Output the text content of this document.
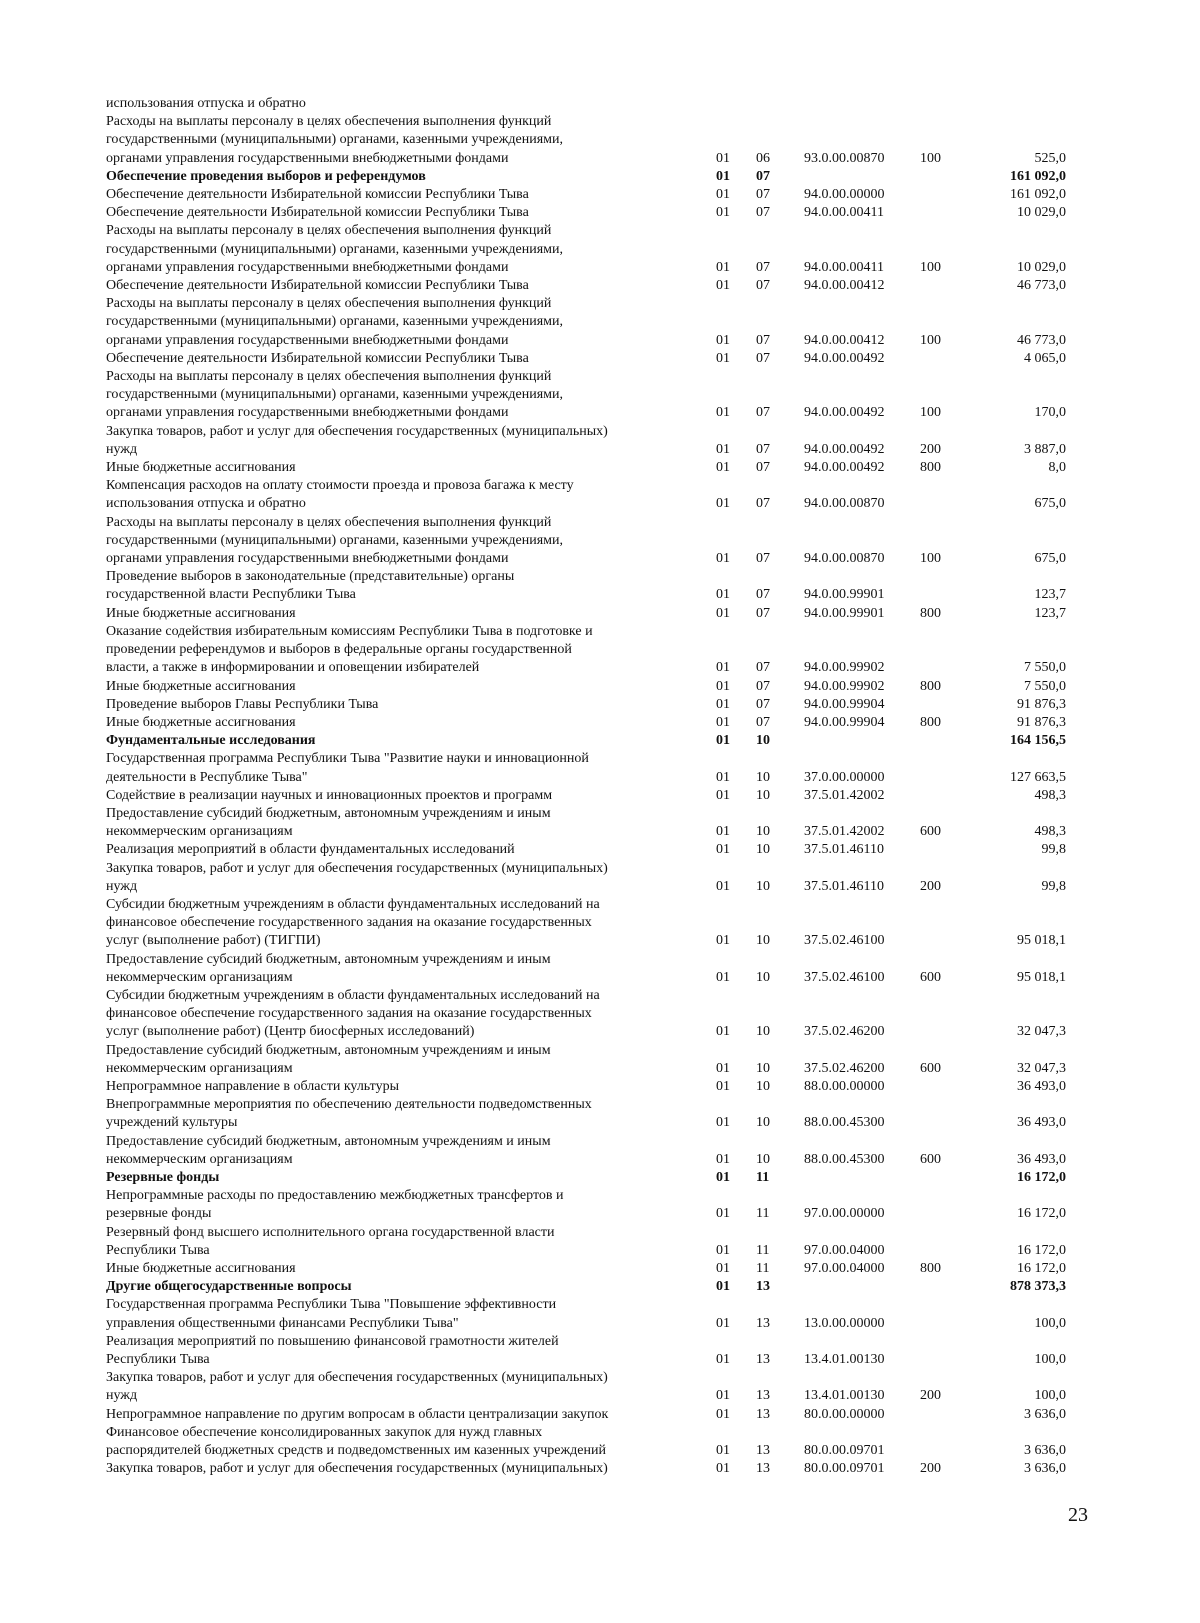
использования отпуска и обратно
Расходы на выплаты персоналу в целях обеспечения выполнения функций
государственными (муниципальными) органами, казенными учреждениями,
органами управления государственными внебюджетными фондами	01 06 93.0.00.00870	100	525,0
Обеспечение проведения выборов и референдумов	01 07	161 092,0
Обеспечение деятельности Избирательной комиссии Республики Тыва	01 07 94.0.00.00000	161 092,0
Обеспечение деятельности Избирательной комиссии Республики Тыва	01 07 94.0.00.00411	10 029,0
Расходы на выплаты персоналу в целях обеспечения выполнения функций
государственными (муниципальными) органами, казенными учреждениями,
органами управления государственными внебюджетными фондами	01 07 94.0.00.00411	100	10 029,0
Обеспечение деятельности Избирательной комиссии Республики Тыва	01 07 94.0.00.00412	46 773,0
Расходы на выплаты персоналу в целях обеспечения выполнения функций
государственными (муниципальными) органами, казенными учреждениями,
органами управления государственными внебюджетными фондами	01 07 94.0.00.00412	100	46 773,0
Обеспечение деятельности Избирательной комиссии Республики Тыва	01 07 94.0.00.00492	4 065,0
Расходы на выплаты персоналу в целях обеспечения выполнения функций
государственными (муниципальными) органами, казенными учреждениями,
органами управления государственными внебюджетными фондами	01 07 94.0.00.00492	100	170,0
Закупка товаров, работ и услуг для обеспечения государственных (муниципальных)
нужд	01 07 94.0.00.00492	200	3 887,0
Иные бюджетные ассигнования	01 07 94.0.00.00492	800	8,0
Компенсация расходов на оплату стоимости проезда и провоза багажа к месту
использования отпуска и обратно	01 07 94.0.00.00870	675,0
Расходы на выплаты персоналу в целях обеспечения выполнения функций
государственными (муниципальными) органами, казенными учреждениями,
органами управления государственными внебюджетными фондами	01 07 94.0.00.00870	100	675,0
Проведение выборов в законодательные (представительные) органы
государственной власти Республики Тыва	01 07 94.0.00.99901	123,7
Иные бюджетные ассигнования	01 07 94.0.00.99901	800	123,7
Оказание содействия избирательным комиссиям Республики Тыва в подготовке и
проведении референдумов и выборов в федеральные органы государственной
власти, а также в информировании и оповещении избирателей	01 07 94.0.00.99902	7 550,0
Иные бюджетные ассигнования	01 07 94.0.00.99902	800	7 550,0
Проведение выборов Главы Республики Тыва	01 07 94.0.00.99904	91 876,3
Иные бюджетные ассигнования	01 07 94.0.00.99904	800	91 876,3
Фундаментальные исследования	01 10	164 156,5
Государственная программа Республики Тыва "Развитие науки и инновационной
деятельности в Республике Тыва"	01 10 37.0.00.00000	127 663,5
Содействие в реализации научных и инновационных проектов и программ	01 10 37.5.01.42002	498,3
Предоставление субсидий бюджетным, автономным учреждениям и иным
некоммерческим организациям	01 10 37.5.01.42002	600	498,3
Реализация мероприятий в области фундаментальных исследований	01 10 37.5.01.46110	99,8
Закупка товаров, работ и услуг для обеспечения государственных (муниципальных)
нужд	01 10 37.5.01.46110	200	99,8
Субсидии бюджетным учреждениям в области фундаментальных исследований на
финансовое обеспечение государственного задания на оказание государственных
услуг (выполнение работ) (ТИГПИ)	01 10 37.5.02.46100	95 018,1
Предоставление субсидий бюджетным, автономным учреждениям и иным
некоммерческим организациям	01 10 37.5.02.46100	600	95 018,1
Субсидии бюджетным учреждениям в области фундаментальных исследований на
финансовое обеспечение государственного задания на оказание государственных
услуг (выполнение работ) (Центр биосферных исследований)	01 10 37.5.02.46200	32 047,3
Предоставление субсидий бюджетным, автономным учреждениям и иным
некоммерческим организациям	01 10 37.5.02.46200	600	32 047,3
Непрограммное направление в области культуры	01 10 88.0.00.00000	36 493,0
Внепрограммные мероприятия по обеспечению деятельности подведомственных
учреждений культуры	01 10 88.0.00.45300	36 493,0
Предоставление субсидий бюджетным, автономным учреждениям и иным
некоммерческим организациям	01 10 88.0.00.45300	600	36 493,0
Резервные фонды	01 11	16 172,0
Непрограммные расходы по предоставлению межбюджетных трансфертов и
резервные фонды	01 11 97.0.00.00000	16 172,0
Резервный фонд высшего исполнительного органа государственной власти
Республики Тыва	01 11 97.0.00.04000	16 172,0
Иные бюджетные ассигнования	01 11 97.0.00.04000	800	16 172,0
Другие общегосударственные вопросы	01 13	878 373,3
Государственная программа Республики Тыва "Повышение эффективности
управления общественными финансами Республики Тыва"	01 13 13.0.00.00000	100,0
Реализация мероприятий по повышению финансовой грамотности жителей
Республики Тыва	01 13 13.4.01.00130	100,0
Закупка товаров, работ и услуг для обеспечения государственных (муниципальных)
нужд	01 13 13.4.01.00130	200	100,0
Непрограммное направление по другим вопросам в области централизации закупок	01 13 80.0.00.00000	3 636,0
Финансовое обеспечение консолидированных закупок для нужд главных
распорядителей бюджетных средств и подведомственных им казенных учреждений	01 13 80.0.00.09701	3 636,0
Закупка товаров, работ и услуг для обеспечения государственных (муниципальных)	01 13 80.0.00.09701	200	3 636,0
23
